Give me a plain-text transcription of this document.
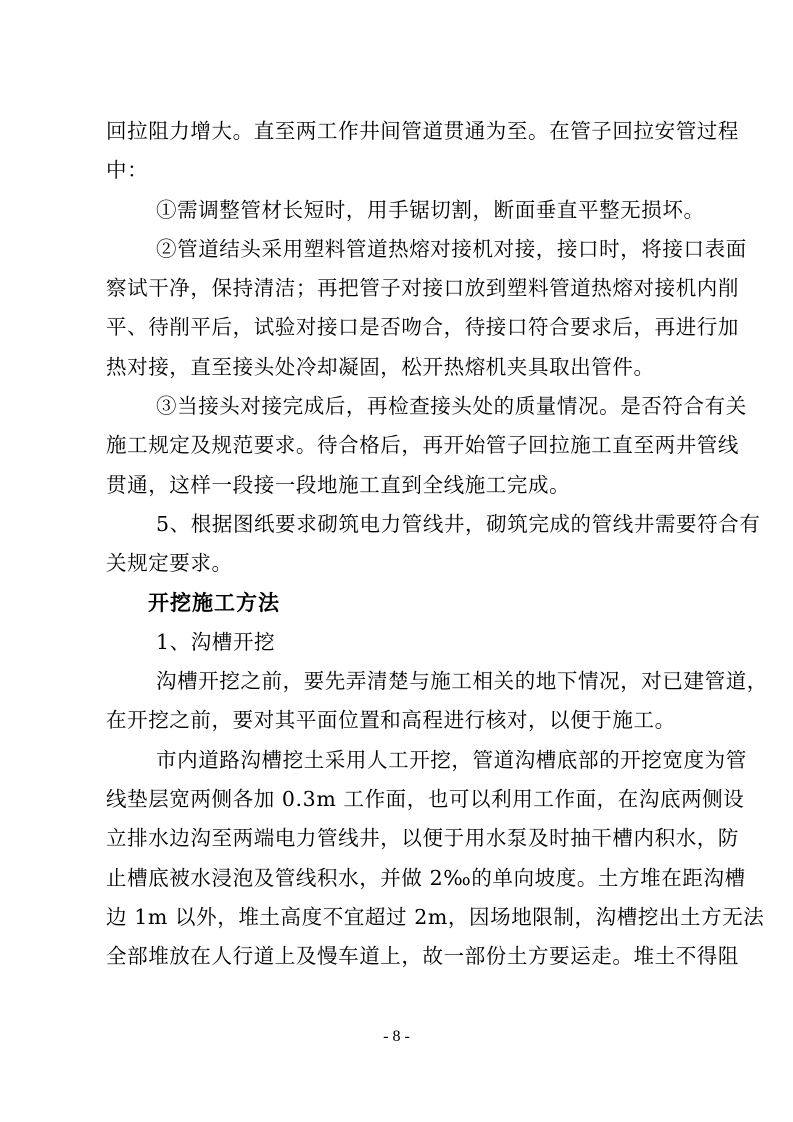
回拉阻力增大。直至两工作井间管道贯通为至。在管子回拉安管过程
中：
①需调整管材长短时，用手锯切割，断面垂直平整无损坏。
②管道结头采用塑料管道热熔对接机对接，接口时，将接口表面
察试干净，保持清洁；再把管子对接口放到塑料管道热熔对接机内削
平、待削平后，试验对接口是否吻合，待接口符合要求后，再进行加
热对接，直至接头处冷却凝固，松开热熔机夹具取出管件。
③当接头对接完成后，再检查接头处的质量情况。是否符合有关
施工规定及规范要求。待合格后，再开始管子回拉施工直至两井管线
贯通，这样一段接一段地施工直到全线施工完成。
5、根据图纸要求砌筑电力管线井，砌筑完成的管线井需要符合有
关规定要求。
开挖施工方法
1、沟槽开挖
沟槽开挖之前，要先弄清楚与施工相关的地下情况，对已建管道，
在开挖之前，要对其平面位置和高程进行核对，以便于施工。
市内道路沟槽挖土采用人工开挖，管道沟槽底部的开挖宽度为管
线垫层宽两侧各加 0.3m 工作面，也可以利用工作面，在沟底两侧设
立排水边沟至两端电力管线井，以便于用水泵及时抽干槽内积水，防
止槽底被水浸泡及管线积水，并做 2‰的单向坡度。土方堆在距沟槽
边 1m 以外，堆土高度不宜超过 2m，因场地限制，沟槽挖出土方无法
全部堆放在人行道上及慢车道上，故一部份土方要运走。堆土不得阻
- 8 -
